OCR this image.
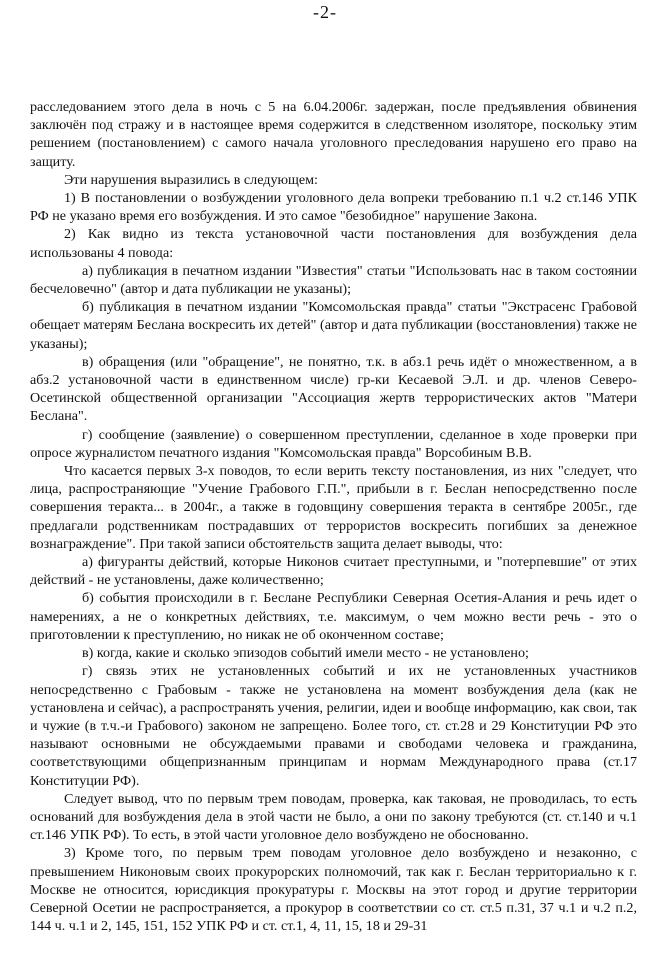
-2-

расследованием этого дела в ночь с 5 на 6.04.2006г. задержан, после предъявления обвинения заключён под стражу и в настоящее время содержится в следственном изоляторе, поскольку этим решением (постановлением) с самого начала уголовного преследования нарушено его право на защиту.

Эти нарушения выразились в следующем:

1) В постановлении о возбуждении уголовного дела вопреки требованию п.1 ч.2 ст.146 УПК РФ не указано время его возбуждения. И это самое "безобидное" нарушение Закона.

2) Как видно из текста установочной части постановления для возбуждения дела использованы 4 повода:

а) публикация в печатном издании "Известия" статьи "Использовать нас в таком состоянии бесчеловечно" (автор и дата публикации не указаны);

б) публикация в печатном издании "Комсомольская правда" статьи "Экстрасенс Грабовой обещает матерям Беслана воскресить их детей" (автор и дата публикации (восстановления) также не указаны);

в) обращения (или "обращение", не понятно, т.к. в абз.1 речь идёт о множественном, а в абз.2 установочной части в единственном числе) гр-ки Кесаевой Э.Л. и др. членов Северо-Осетинской общественной организации "Ассоциация жертв террористических актов "Матери Беслана".

г) сообщение (заявление) о совершенном преступлении, сделанное в ходе проверки при опросе журналистом печатного издания "Комсомольская правда" Ворсобиным В.В.

Что касается первых 3-х поводов, то если верить тексту постановления, из них "следует, что лица, распространяющие "Учение Грабового Г.П.", прибыли в г. Беслан непосредственно после совершения теракта... в 2004г., а также в годовщину совершения теракта в сентябре 2005г., где предлагали родственникам пострадавших от террористов воскресить погибших за денежное вознаграждение". При такой записи обстоятельств защита делает выводы, что:

а) фигуранты действий, которые Никонов считает преступными, и "потерпевшие" от этих действий - не установлены, даже количественно;

б) события происходили в г. Беслане Республики Северная Осетия-Алания и речь идет о намерениях, а не о конкретных действиях, т.е. максимум, о чем можно вести речь - это о приготовлении к преступлению, но никак не об оконченном составе;

в) когда, какие и сколько эпизодов событий имели место - не установлено;

г) связь этих не установленных событий и их не установленных участников непосредственно с Грабовым - также не установлена на момент возбуждения дела (как не установлена и сейчас), а распространять учения, религии, идеи и вообще информацию, как свои, так и чужие (в т.ч.-и Грабового) законом не запрещено. Более того, ст. ст.28 и 29 Конституции РФ это называют основными не обсуждаемыми правами и свободами человека и гражданина, соответствующими общепризнанным принципам и нормам Международного права (ст.17 Конституции РФ).

Следует вывод, что по первым трем поводам, проверка, как таковая, не проводилась, то есть оснований для возбуждения дела в этой части не было, а они по закону требуются (ст. ст.140 и ч.1 ст.146 УПК РФ). То есть, в этой части уголовное дело возбуждено не обоснованно.

3) Кроме того, по первым трем поводам уголовное дело возбуждено и незаконно, с превышением Никоновым своих прокурорских полномочий, так как г. Беслан территориально к г. Москве не относится, юрисдикция прокуратуры г. Москвы на этот город и другие территории Северной Осетии не распространяется, а прокурор в соответствии со ст. ст.5 п.31, 37 ч.1 и ч.2 п.2, 144 ч. ч.1 и 2, 145, 151, 152 УПК РФ и ст. ст.1, 4, 11, 15, 18 и 29-31
